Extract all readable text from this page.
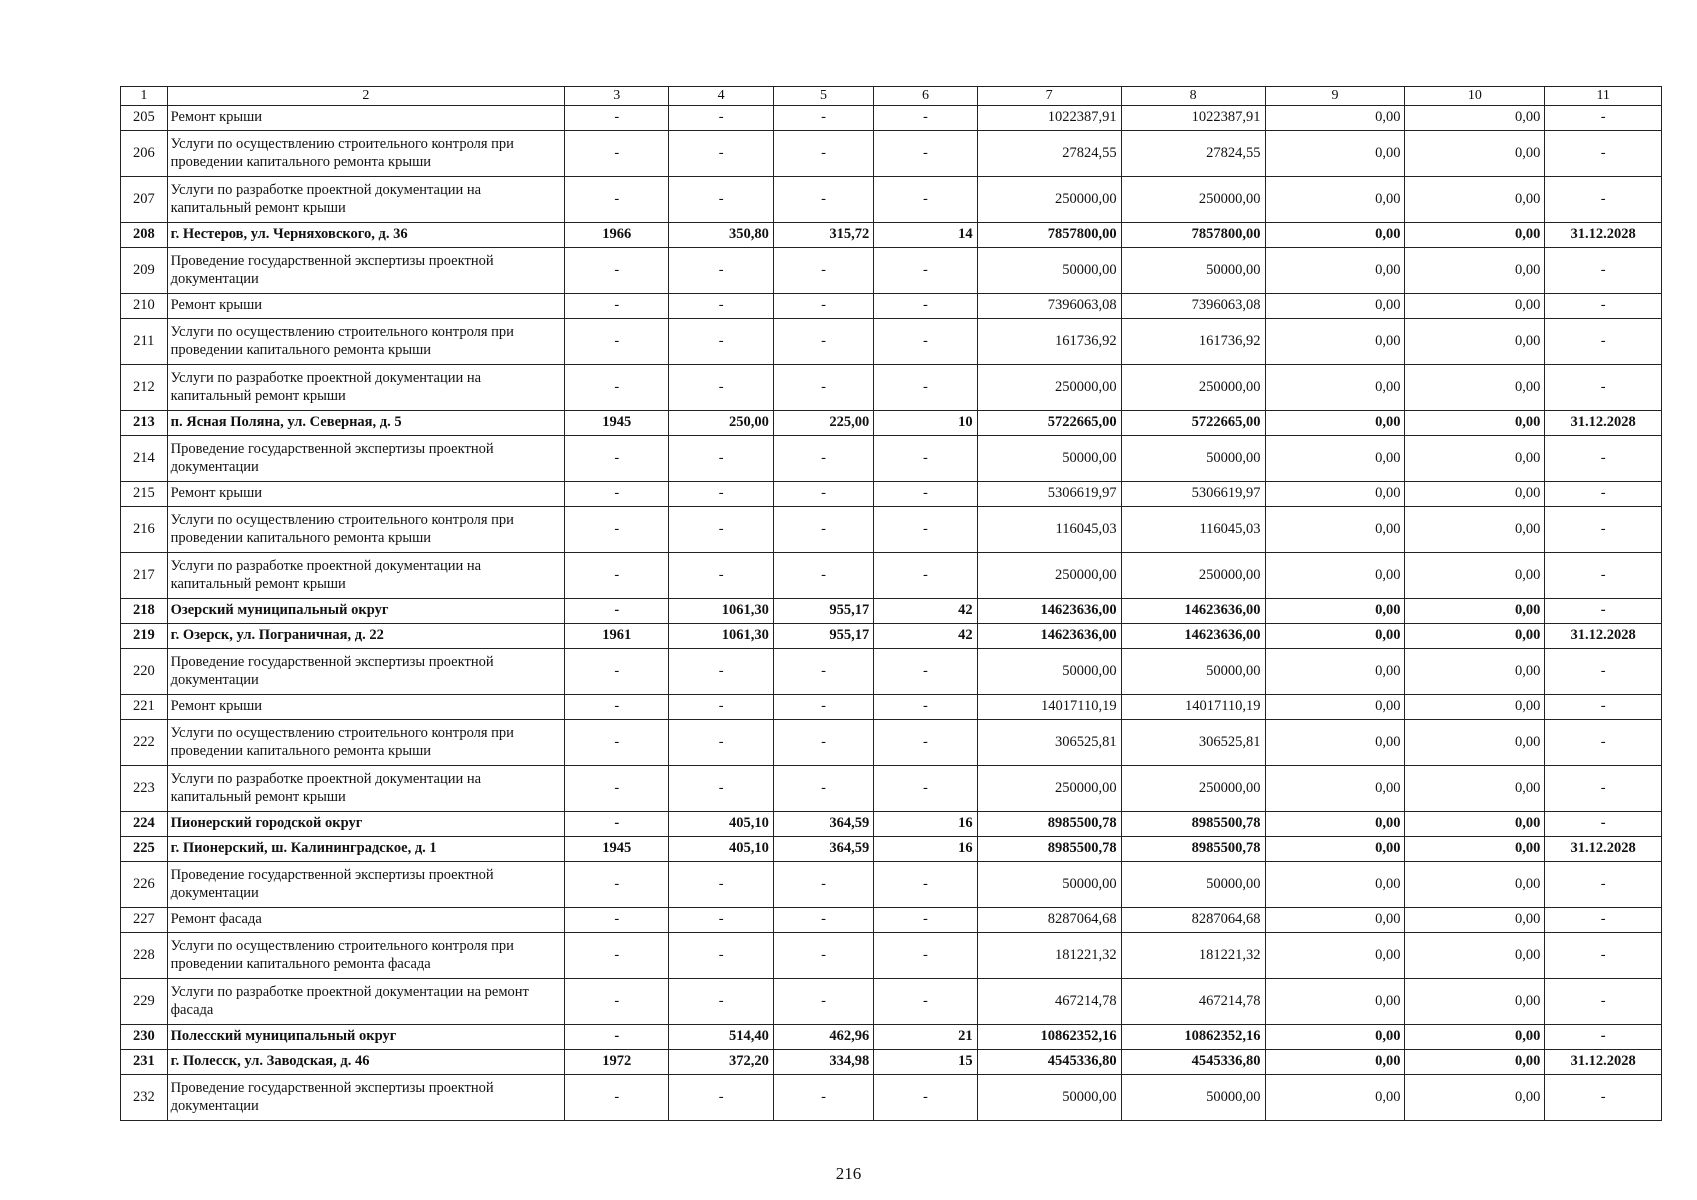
1	2	3	4	5	6	7	8	9	10	11
205	Ремонт крыши	-	-	-	-	1022387,91	1022387,91	0,00	0,00	-
206	Услуги по осуществлению строительного контроля при проведении капитального ремонта крыши	-	-	-	-	27824,55	27824,55	0,00	0,00	-
207	Услуги по разработке проектной документации на капитальный ремонт крыши	-	-	-	-	250000,00	250000,00	0,00	0,00	-
208	г. Нестеров, ул. Черняховского, д. 36	1966	350,80	315,72	14	7857800,00	7857800,00	0,00	0,00	31.12.2028
209	Проведение государственной экспертизы проектной документации	-	-	-	-	50000,00	50000,00	0,00	0,00	-
210	Ремонт крыши	-	-	-	-	7396063,08	7396063,08	0,00	0,00	-
211	Услуги по осуществлению строительного контроля при проведении капитального ремонта крыши	-	-	-	-	161736,92	161736,92	0,00	0,00	-
212	Услуги по разработке проектной документации на капитальный ремонт крыши	-	-	-	-	250000,00	250000,00	0,00	0,00	-
213	п. Ясная Поляна, ул. Северная, д. 5	1945	250,00	225,00	10	5722665,00	5722665,00	0,00	0,00	31.12.2028
214	Проведение государственной экспертизы проектной документации	-	-	-	-	50000,00	50000,00	0,00	0,00	-
215	Ремонт крыши	-	-	-	-	5306619,97	5306619,97	0,00	0,00	-
216	Услуги по осуществлению строительного контроля при проведении капитального ремонта крыши	-	-	-	-	116045,03	116045,03	0,00	0,00	-
217	Услуги по разработке проектной документации на капитальный ремонт крыши	-	-	-	-	250000,00	250000,00	0,00	0,00	-
218	Озерский муниципальный округ	-	1061,30	955,17	42	14623636,00	14623636,00	0,00	0,00	-
219	г. Озерск, ул. Пограничная, д. 22	1961	1061,30	955,17	42	14623636,00	14623636,00	0,00	0,00	31.12.2028
220	Проведение государственной экспертизы проектной документации	-	-	-	-	50000,00	50000,00	0,00	0,00	-
221	Ремонт крыши	-	-	-	-	14017110,19	14017110,19	0,00	0,00	-
222	Услуги по осуществлению строительного контроля при проведении капитального ремонта крыши	-	-	-	-	306525,81	306525,81	0,00	0,00	-
223	Услуги по разработке проектной документации на капитальный ремонт крыши	-	-	-	-	250000,00	250000,00	0,00	0,00	-
224	Пионерский городской округ	-	405,10	364,59	16	8985500,78	8985500,78	0,00	0,00	-
225	г. Пионерский, ш. Калининградское, д. 1	1945	405,10	364,59	16	8985500,78	8985500,78	0,00	0,00	31.12.2028
226	Проведение государственной экспертизы проектной документации	-	-	-	-	50000,00	50000,00	0,00	0,00	-
227	Ремонт фасада	-	-	-	-	8287064,68	8287064,68	0,00	0,00	-
228	Услуги по осуществлению строительного контроля при проведении капитального ремонта фасада	-	-	-	-	181221,32	181221,32	0,00	0,00	-
229	Услуги по разработке проектной документации на ремонт фасада	-	-	-	-	467214,78	467214,78	0,00	0,00	-
230	Полесский муниципальный округ	-	514,40	462,96	21	10862352,16	10862352,16	0,00	0,00	-
231	г. Полесск, ул. Заводская, д. 46	1972	372,20	334,98	15	4545336,80	4545336,80	0,00	0,00	31.12.2028
232	Проведение государственной экспертизы проектной документации	-	-	-	-	50000,00	50000,00	0,00	0,00	-
216
